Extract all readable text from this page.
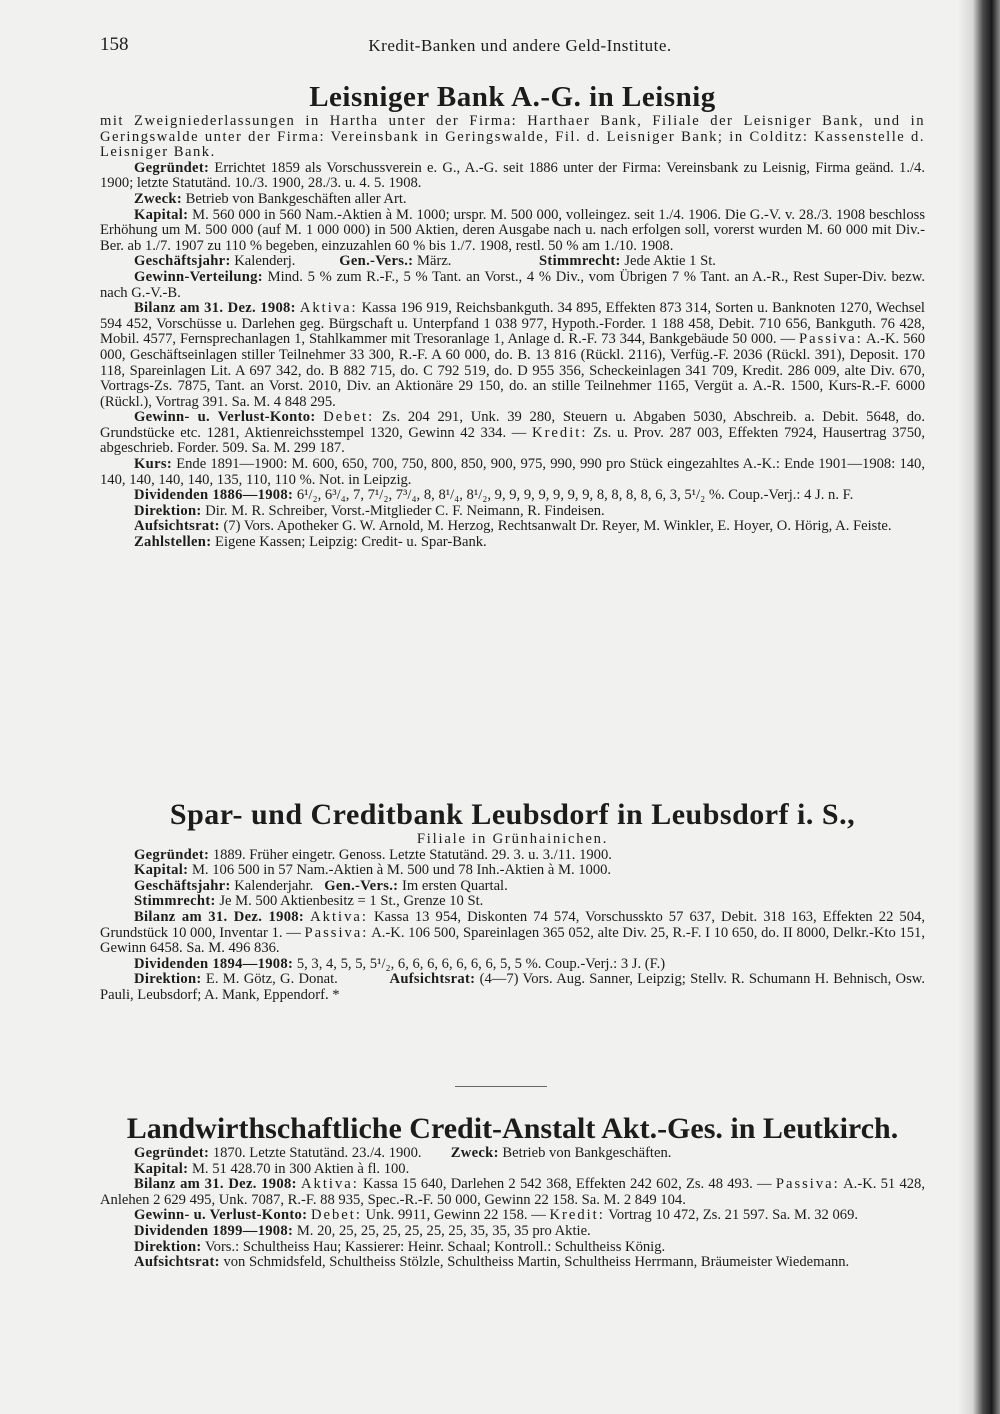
158	Kredit-Banken und andere Geld-Institute.

Leisniger Bank A.-G. in Leisnig

mit Zweigniederlassungen in Hartha unter der Firma: Harthaer Bank, Filiale der Leisniger Bank, und in Geringswalde unter der Firma: Vereinsbank in Geringswalde, Fil. d. Leisniger Bank; in Colditz: Kassenstelle d. Leisniger Bank.

Gegründet: Errichtet 1859 als Vorschussverein e. G., A.-G. seit 1886 unter der Firma: Vereinsbank zu Leisnig, Firma geänd. 1./4. 1900; letzte Statutänd. 10./3. 1900, 28./3. u. 4. 5. 1908.

Zweck: Betrieb von Bankgeschäften aller Art.

Kapital: M. 560 000 in 560 Nam.-Aktien à M. 1000; urspr. M. 500 000, volleingez. seit 1./4. 1906. Die G.-V. v. 28./3. 1908 beschloss Erhöhung um M. 500 000 (auf M. 1 000 000) in 500 Aktien, deren Ausgabe nach u. nach erfolgen soll, vorerst wurden M. 60 000 mit Div.-Ber. ab 1./7. 1907 zu 110 % begeben, einzuzahlen 60 % bis 1./7. 1908, restl. 50 % am 1./10. 1908.

Geschäftsjahr: Kalenderj.	Gen.-Vers.: März.	Stimmrecht: Jede Aktie 1 St.

Gewinn-Verteilung: Mind. 5 % zum R.-F., 5 % Tant. an Vorst., 4 % Div., vom Übrigen 7 % Tant. an A.-R., Rest Super-Div. bezw. nach G.-V.-B.

Bilanz am 31. Dez. 1908: Aktiva: Kassa 196 919, Reichsbankguth. 34 895, Effekten 873 314, Sorten u. Banknoten 1270, Wechsel 594 452, Vorschüsse u. Darlehen geg. Bürgschaft u. Unterpfand 1 038 977, Hypoth.-Forder. 1 188 458, Debit. 710 656, Bankguth. 76 428, Mobil. 4577, Fernsprechanlagen 1, Stahlkammer mit Tresoranlage 1, Anlage d. R.-F. 73 344, Bankgebäude 50 000. — Passiva: A.-K. 560 000, Geschäftseinlagen stiller Teilnehmer 33 300, R.-F. A 60 000, do. B. 13 816 (Rückl. 2116), Verfüg.-F. 2036 (Rückl. 391), Deposit. 170 118, Spareinlagen Lit. A 697 342, do. B 882 715, do. C 792 519, do. D 955 356, Scheckeinlagen 341 709, Kredit. 286 009, alte Div. 670, Vortrags-Zs. 7875, Tant. an Vorst. 2010, Div. an Aktionäre 29 150, do. an stille Teilnehmer 1165, Vergüt a. A.-R. 1500, Kurs-R.-F. 6000 (Rückl.), Vortrag 391. Sa. M. 4 848 295.

Gewinn- u. Verlust-Konto: Debet: Zs. 204 291, Unk. 39 280, Steuern u. Abgaben 5030, Abschreib. a. Debit. 5648, do. Grundstücke etc. 1281, Aktienreichsstempel 1320, Gewinn 42 334. — Kredit: Zs. u. Prov. 287 003, Effekten 7924, Hausertrag 3750, abgeschrieb. Forder. 509. Sa. M. 299 187.

Kurs: Ende 1891—1900: M. 600, 650, 700, 750, 800, 850, 900, 975, 990, 990 pro Stück eingezahltes A.-K.: Ende 1901—1908: 140, 140, 140, 140, 140, 135, 110, 110 %. Not. in Leipzig.

Dividenden 1886—1908: 6¹/₂, 6³/₄, 7, 7¹/₂, 7³/₄, 8, 8¹/₄, 8¹/₂, 9, 9, 9, 9, 9, 9, 9, 8, 8, 8, 8, 6, 3, 5¹/₂ %. Coup.-Verj.: 4 J. n. F.

Direktion: Dir. M. R. Schreiber, Vorst.-Mitglieder C. F. Neimann, R. Findeisen.

Aufsichtsrat: (7) Vors. Apotheker G. W. Arnold, M. Herzog, Rechtsanwalt Dr. Reyer, M. Winkler, E. Hoyer, O. Hörig, A. Feiste.

Zahlstellen: Eigene Kassen; Leipzig: Credit- u. Spar-Bank.

Spar- und Creditbank Leubsdorf in Leubsdorf i. S.,

Filiale in Grünhainichen.

Gegründet: 1889. Früher eingetr. Genoss. Letzte Statutänd. 29. 3. u. 3./11. 1900.

Kapital: M. 106 500 in 57 Nam.-Aktien à M. 500 und 78 Inh.-Aktien à M. 1000.

Geschäftsjahr: Kalenderjahr. Gen.-Vers.: Im ersten Quartal.

Stimmrecht: Je M. 500 Aktienbesitz = 1 St., Grenze 10 St.

Bilanz am 31. Dez. 1908: Aktiva: Kassa 13 954, Diskonten 74 574, Vorschusskto 57 637, Debit. 318 163, Effekten 22 504, Grundstück 10 000, Inventar 1. — Passiva: A.-K. 106 500, Spareinlagen 365 052, alte Div. 25, R.-F. I 10 650, do. II 8000, Delkr.-Kto 151, Gewinn 6458. Sa. M. 496 836.

Dividenden 1894—1908: 5, 3, 4, 5, 5, 5¹/₂, 6, 6, 6, 6, 6, 6, 6, 5, 5 %. Coup.-Verj.: 3 J. (F.)

Direktion: E. M. Götz, G. Donat.	Aufsichtsrat: (4—7) Vors. Aug. Sanner, Leipzig; Stellv. R. Schumann H. Behnisch, Osw. Pauli, Leubsdorf; A. Mank, Eppendorf. *

Landwirthschaftliche Credit-Anstalt Akt.-Ges. in Leutkirch.

Gegründet: 1870. Letzte Statutänd. 23./4. 1900. Zweck: Betrieb von Bankgeschäften.

Kapital: M. 51 428.70 in 300 Aktien à fl. 100.

Bilanz am 31. Dez. 1908: Aktiva: Kassa 15 640, Darlehen 2 542 368, Effekten 242 602, Zs. 48 493. — Passiva: A.-K. 51 428, Anlehen 2 629 495, Unk. 7087, R.-F. 88 935, Spec.-R.-F. 50 000, Gewinn 22 158. Sa. M. 2 849 104.

Gewinn- u. Verlust-Konto: Debet: Unk. 9911, Gewinn 22 158. — Kredit: Vortrag 10 472, Zs. 21 597. Sa. M. 32 069.

Dividenden 1899—1908: M. 20, 25, 25, 25, 25, 25, 25, 35, 35, 35 pro Aktie.

Direktion: Vors.: Schultheiss Hau; Kassierer: Heinr. Schaal; Kontroll.: Schultheiss König.

Aufsichtsrat: von Schmidsfeld, Schultheiss Stölzle, Schultheiss Martin, Schultheiss Herrmann, Bräumeister Wiedemann.
